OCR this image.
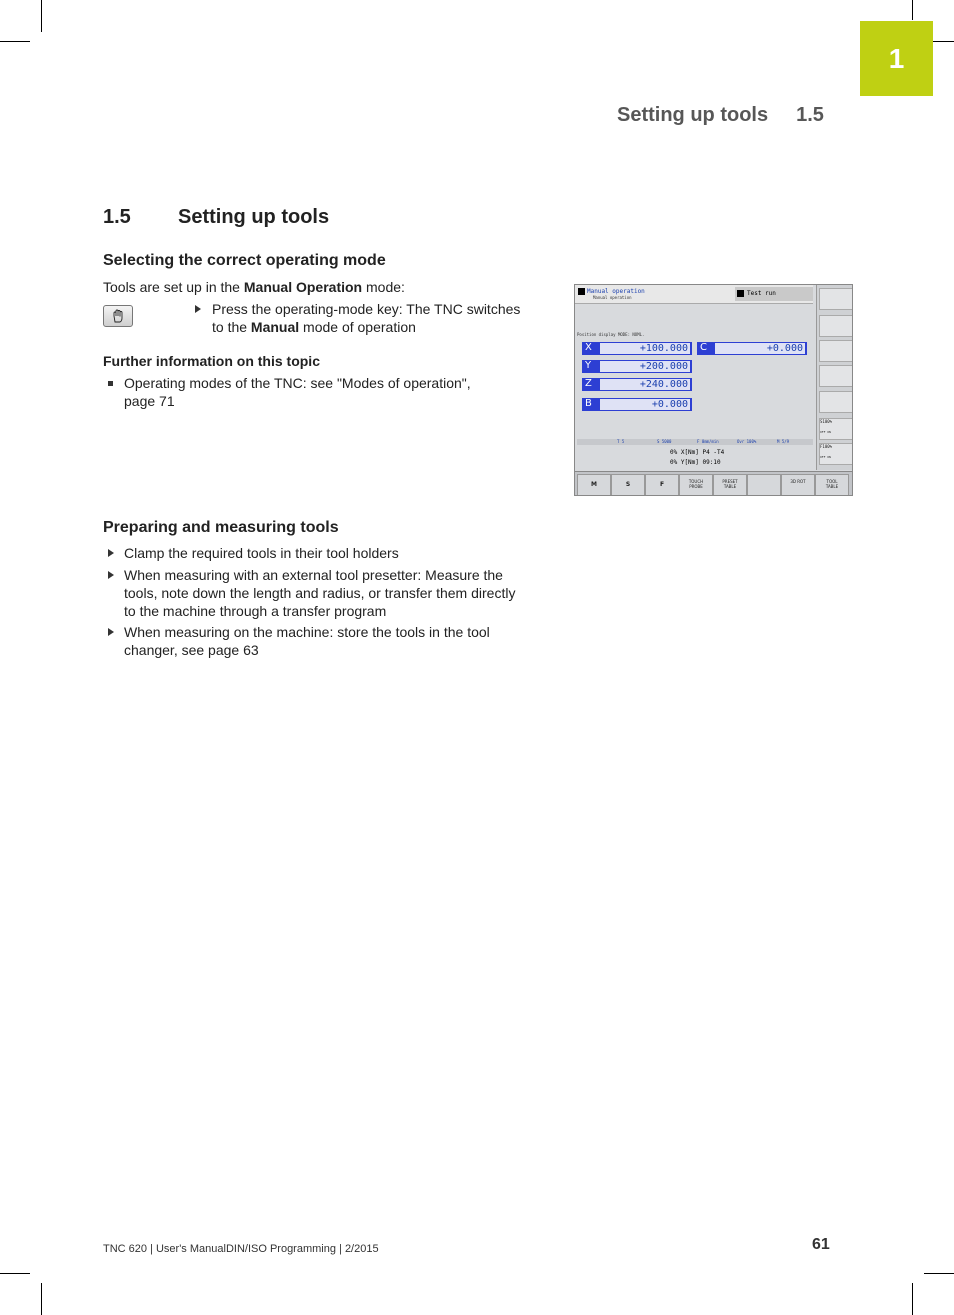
1
Setting up tools 1.5
1.5 Setting up tools
Selecting the correct operating mode
Tools are set up in the Manual Operation mode:
Press the operating-mode key: The TNC switches
to the Manual mode of operation
Further information on this topic
Operating modes of the TNC: see "Modes of operation",
page 71
Manual operation
Manual operation
Test run
Position display MODE: NOML.
X	+100.000
Y	+200.000
Z	+240.000
B	+0.000
C	+0.000
T 5	S 5000	F 0mm/min	Ovr 100%	M 5/9
0% X[Nm] P4 -T4
0% Y[Nm] 09:10
S100%
OFF ON
F100%
OFF ON
M	S	F	TOUCH
PROBE
PRESET
TABLE
3D ROT	TOOL
TABLE
Preparing and measuring tools
Clamp the required tools in their tool holders
When measuring with an external tool presetter: Measure the
tools, note down the length and radius, or transfer them directly
to the machine through a transfer program
When measuring on the machine: store the tools in the tool
changer, see page 63
TNC 620 | User's ManualDIN/ISO Programming | 2/2015	61
